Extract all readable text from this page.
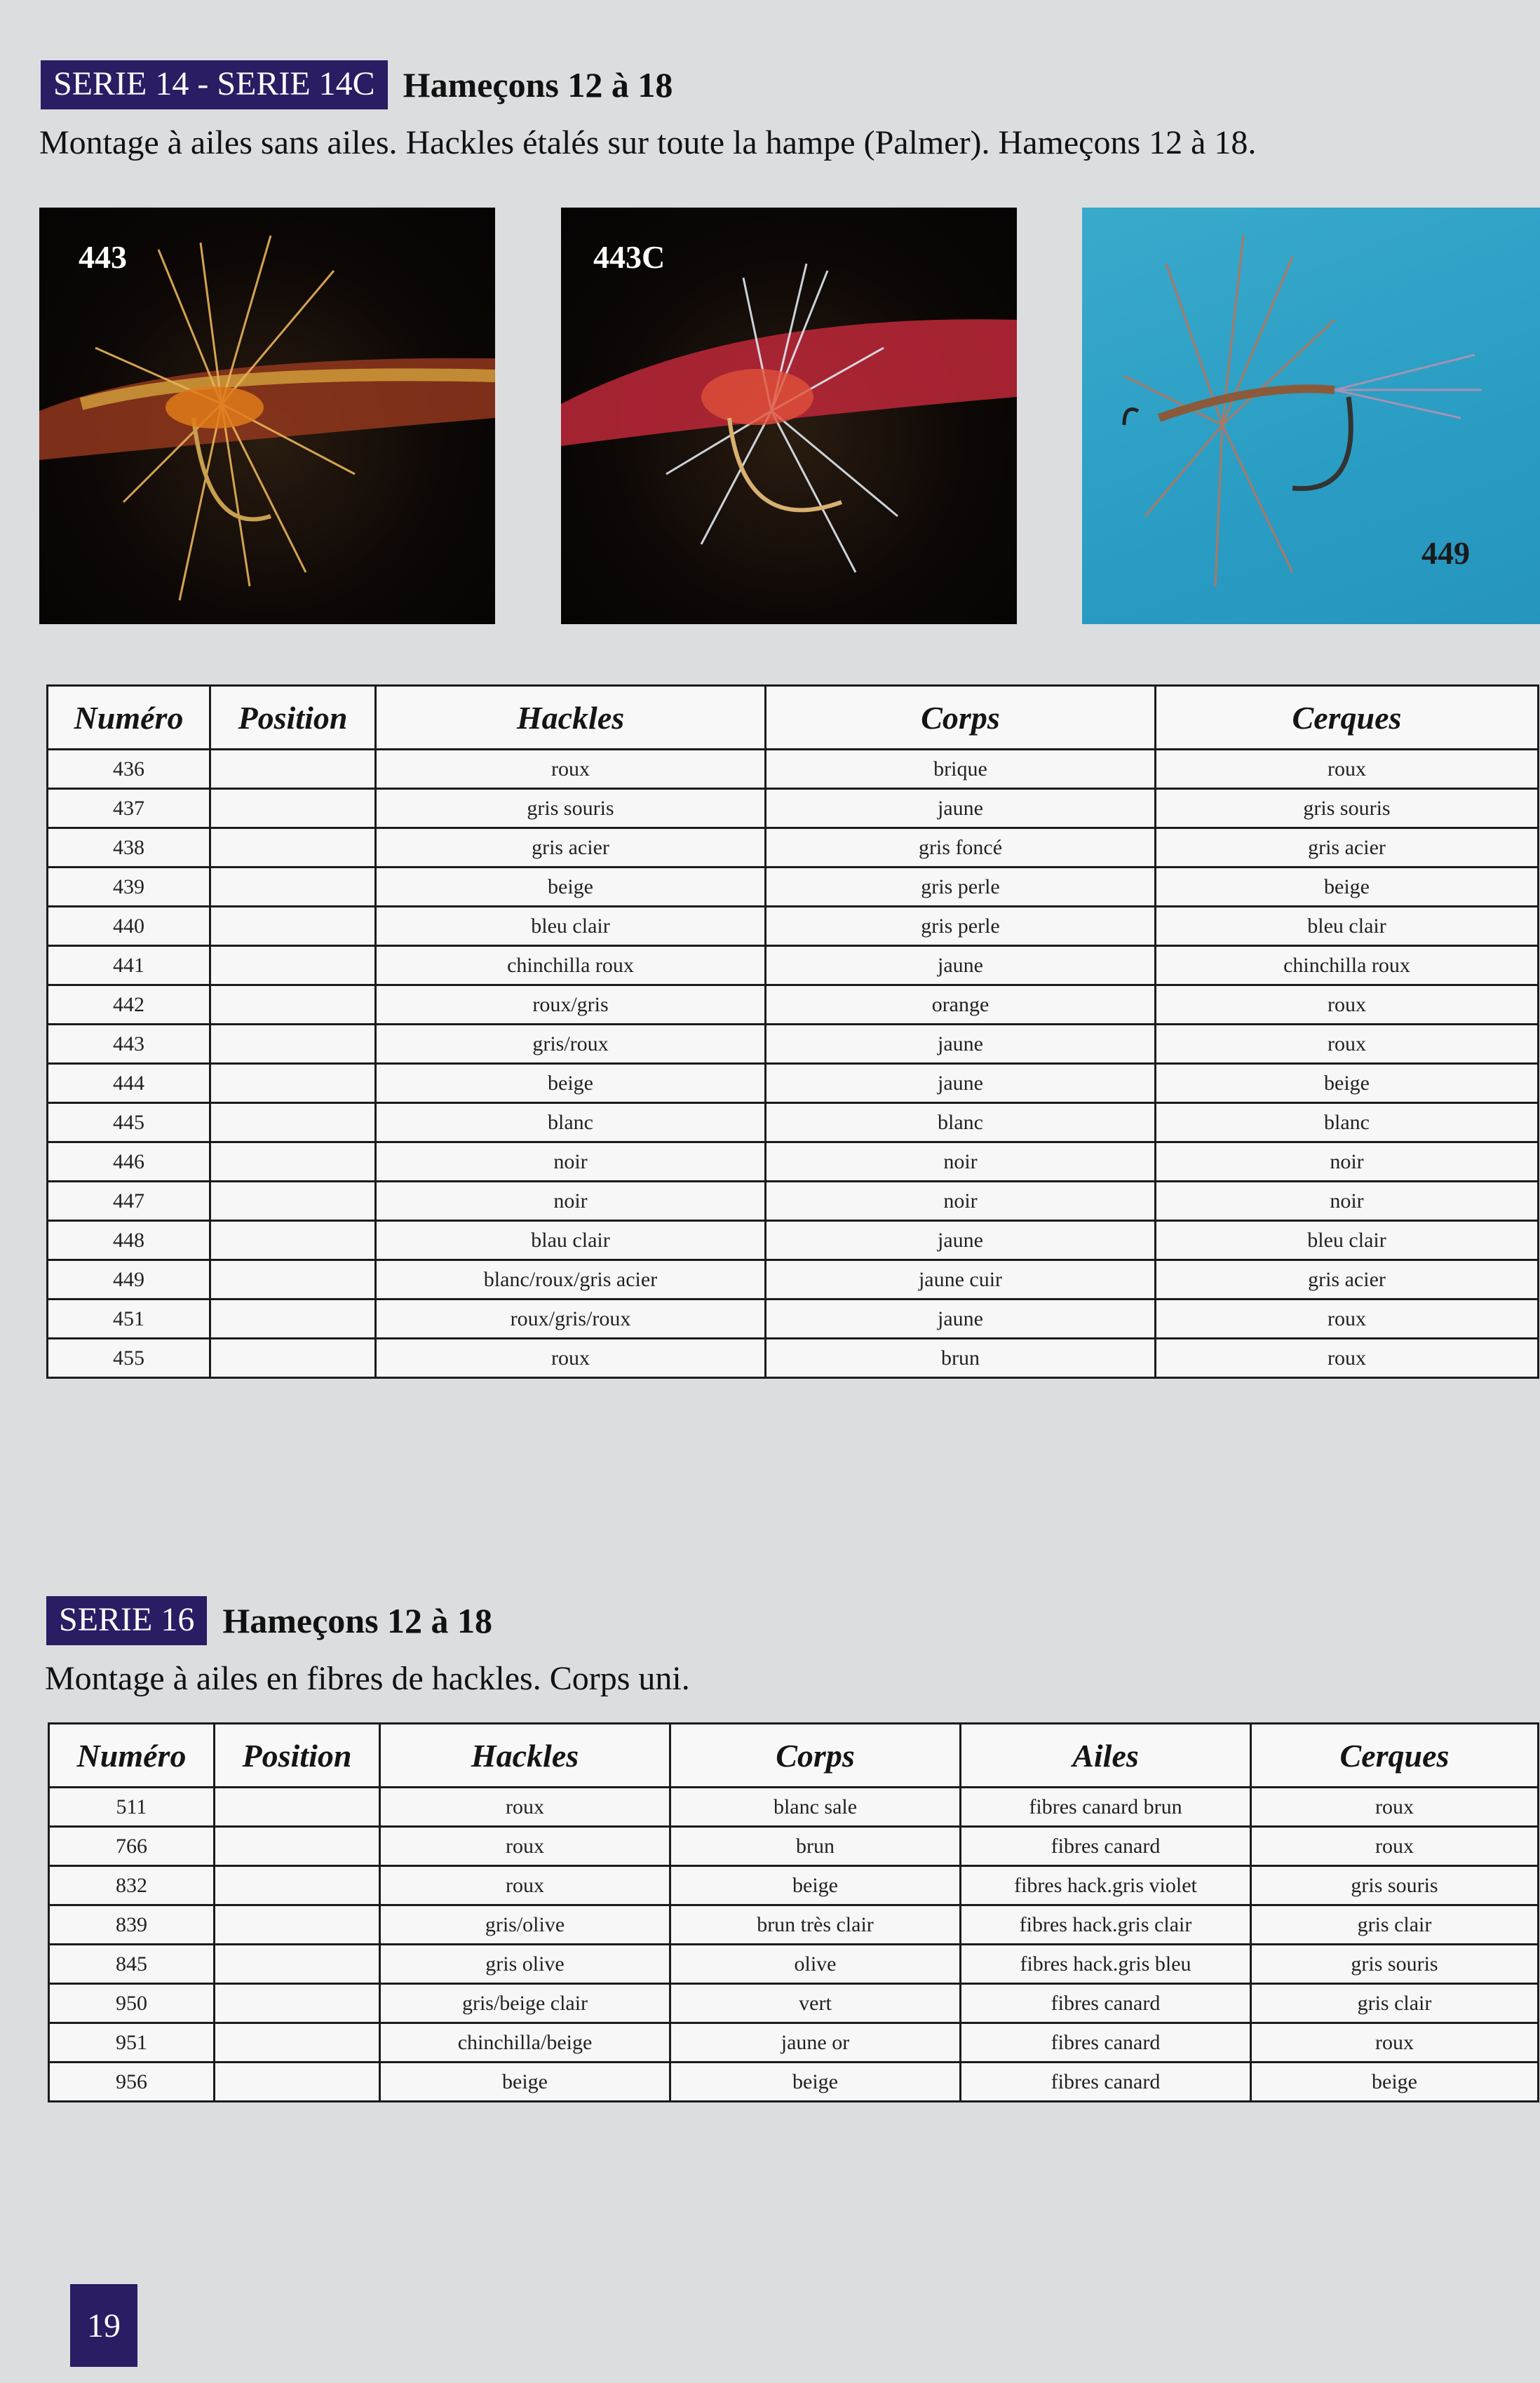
SERIE 14 - SERIE 14C Hameçons 12 à 18
Montage à ailes sans ailes. Hackles étalés sur toute la hampe (Palmer). Hameçons 12 à 18.
443	443C
449
Numéro	Position	Hackles	Corps	Cerques
436		roux	brique	roux
437		gris souris	jaune	gris souris
438		gris acier	gris foncé	gris acier
439		beige	gris perle	beige
440		bleu clair	gris perle	bleu clair
441		chinchilla roux	jaune	chinchilla roux
442		roux/gris	orange	roux
443		gris/roux	jaune	roux
444		beige	jaune	beige
445		blanc	blanc	blanc
446		noir	noir	noir
447		noir	noir	noir
448		blau clair	jaune	bleu clair
449		blanc/roux/gris acier	jaune cuir	gris acier
451		roux/gris/roux	jaune	roux
455		roux	brun	roux
SERIE 16 Hameçons 12 à 18
Montage à ailes en fibres de hackles. Corps uni.
Numéro	Position	Hackles	Corps	Ailes	Cerques
511		roux	blanc sale	fibres canard brun	roux
766		roux	brun	fibres canard	roux
832		roux	beige	fibres hack.gris violet	gris souris
839		gris/olive	brun très clair	fibres hack.gris clair	gris clair
845		gris olive	olive	fibres hack.gris bleu	gris souris
950		gris/beige clair	vert	fibres canard	gris clair
951		chinchilla/beige	jaune or	fibres canard	roux
956		beige	beige	fibres canard	beige
19
